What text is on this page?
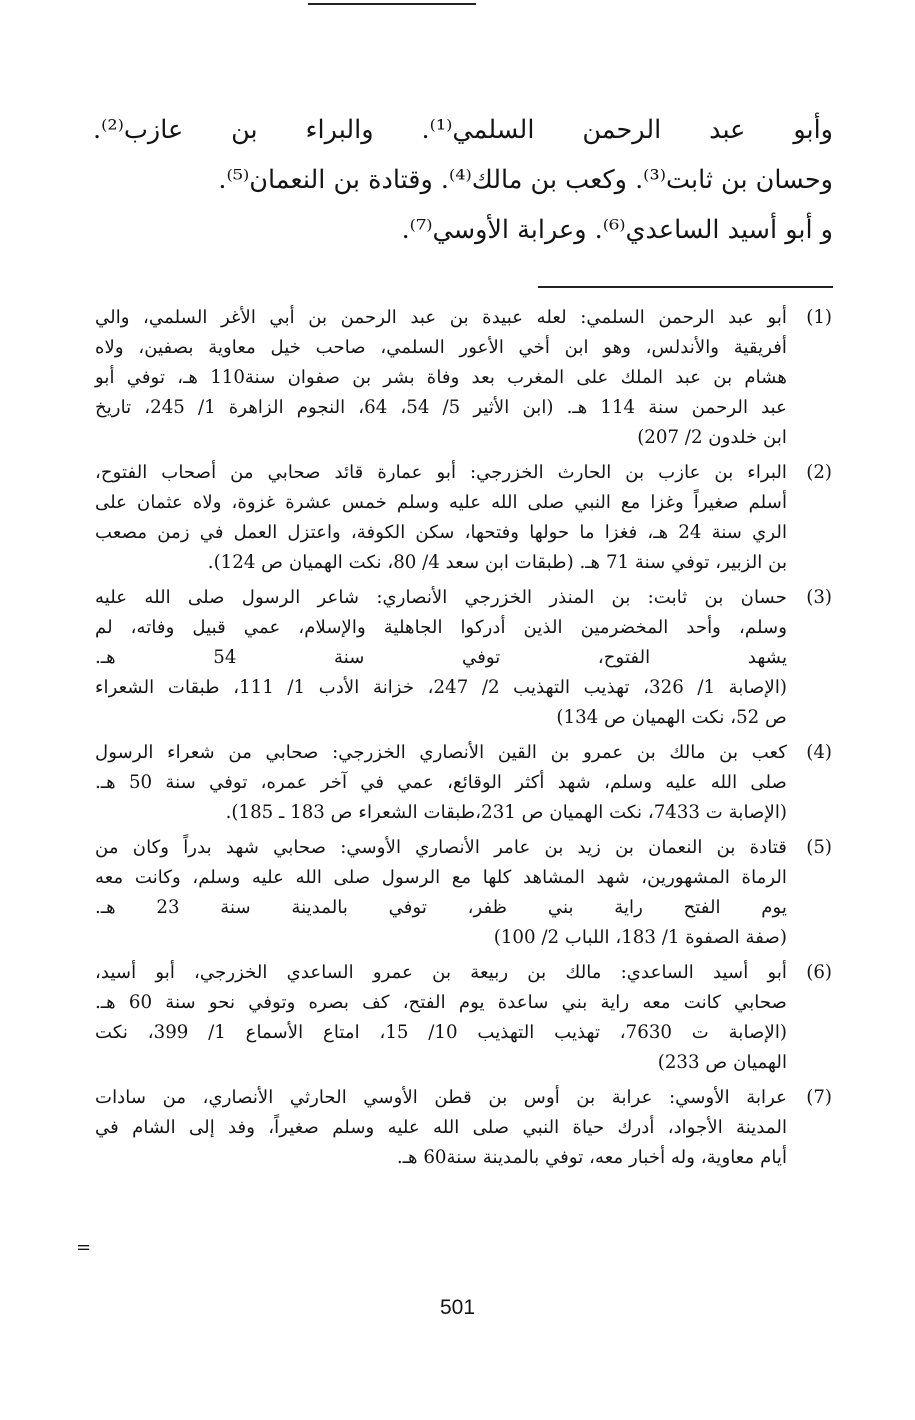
وأبو عبد الرحمن السلمي⁽¹⁾. والبراء بن عازب⁽²⁾.

وحسان بن ثابت⁽³⁾. وكعب بن مالك⁽⁴⁾. وقتادة بن النعمان⁽⁵⁾.

و أبو أسيد الساعدي⁽⁶⁾. وعرابة الأوسي⁽⁷⁾.

(1)

أبو عبد الرحمن السلمي: لعله عبيدة بن عبد الرحمن بن أبي الأغر السلمي، والي

أفريقية والأندلس، وهو ابن أخي الأعور السلمي، صاحب خيل معاوية بصفين، ولاه

هشام بن عبد الملك على المغرب بعد وفاة بشر بن صفوان سنة110 هـ، توفي أبو

عبد الرحمن سنة 114 هـ. (ابن الأثير 5/ 54، 64، النجوم الزاهرة 1/ 245، تاريخ

ابن خلدون 2/ 207)

(2)

البراء بن عازب بن الحارث الخزرجي: أبو عمارة قائد صحابي من أصحاب الفتوح،

أسلم صغيراً وغزا مع النبي صلى الله عليه وسلم خمس عشرة غزوة، ولاه عثمان على

الري سنة 24 هـ، فغزا ما حولها وفتحها، سكن الكوفة، واعتزل العمل في زمن مصعب

بن الزبير، توفي سنة 71 هـ. (طبقات ابن سعد 4/ 80، نكت الهميان ص 124).

(3)

حسان بن ثابت: بن المنذر الخزرجي الأنصاري: شاعر الرسول صلى الله عليه

وسلم، وأحد المخضرمين الذين أدركوا الجاهلية والإسلام، عمي قبيل وفاته، لم

يشهد الفتوح، توفي سنة 54 هـ.

(الإصابة 1/ 326، تهذيب التهذيب 2/ 247، خزانة الأدب 1/ 111، طبقات الشعراء

ص 52، نكت الهميان ص 134)

(4)

كعب بن مالك بن عمرو بن القين الأنصاري الخزرجي: صحابي من شعراء الرسول

صلى الله عليه وسلم، شهد أكثر الوقائع، عمي في آخر عمره، توفي سنة 50 هـ.

(الإصابة ت 7433، نكت الهميان ص 231،طبقات الشعراء ص 183 ـ 185).

(5)

قتادة بن النعمان بن زيد بن عامر الأنصاري الأوسي: صحابي شهد بدراً وكان من

الرماة المشهورين، شهد المشاهد كلها مع الرسول صلى الله عليه وسلم، وكانت معه

يوم الفتح راية بني ظفر، توفي بالمدينة سنة 23 هـ.

(صفة الصفوة 1/ 183، اللباب 2/ 100)

(6)

أبو أسيد الساعدي: مالك بن ربيعة بن عمرو الساعدي الخزرجي، أبو أسيد،

صحابي كانت معه راية بني ساعدة يوم الفتح، كف بصره وتوفي نحو سنة 60 هـ.

(الإصابة ت 7630، تهذيب التهذيب 10/ 15، امتاع الأسماع 1/ 399، نكت

الهميان ص 233)

(7)

عرابة الأوسي: عرابة بن أوس بن قطن الأوسي الحارثي الأنصاري، من سادات

المدينة الأجواد، أدرك حياة النبي صلى الله عليه وسلم صغيراً، وفد إلى الشام في

أيام معاوية، وله أخبار معه، توفي بالمدينة سنة60 هـ.

=
501
